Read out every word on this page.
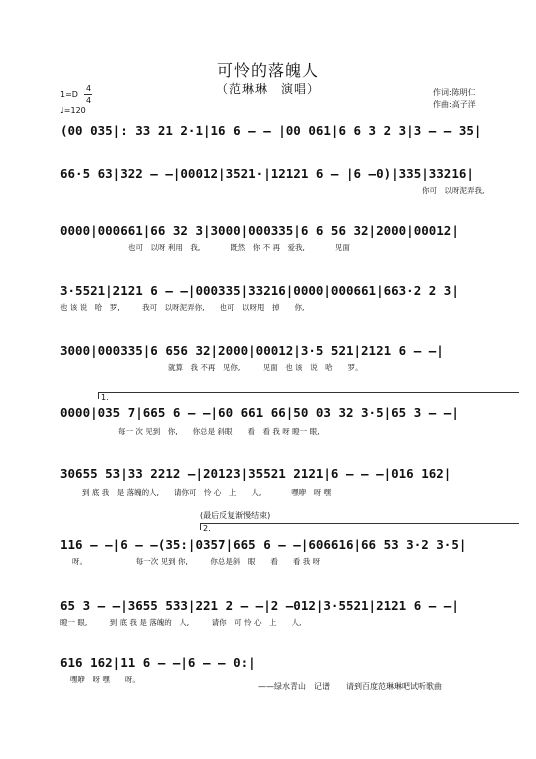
可怜的落魄人
（范琳琳　演唱）
1=D
4
4
♩=120
作词:陈明仁
作曲:高子洋
(00 035|: 33 21 2·1|16 6 — — |00 061|6 6 3 2 3|3 — — 35|
66·5 63|322 — —|00012|3521·|12121 6 — |6 —0)|335|33216|
你可　以呀泥弄我,
0000|000661|66 32 3|3000|000335|6 6 56 32|2000|00012|
也可　以呀 利用　我,　　　　既然　你 不 再　爱我,　　　　见面
3·5521|2121 6 — —|000335|33216|0000|000661|663·2 2 3|
也 该 说　哈　罗,　　　我可　以呀泥弄你,　　也可　以呀甩　掉　　你,
3000|000335|6 656 32|2000|00012|3·5 521|2121 6 — —|
就算　我 不再　见你,　　　见面　也 该　说　哈　　罗。
1.
0000|035 7|665 6 — —|60 661 66|50 03 32 3·5|65 3 — —|
每一 次 见到　你,　　你总是 斜眼　　看　看 我 呀 瞪一 眼,
30655 53|33 2212 —|20123|35521 2121|6 — — —|016 162|
到 底 我　是 落魄的人,　　请你可　怜 心　上　　人,　　　　嘿咿　呀 嘿
(最后反复渐慢结束)
2.
116 — —|6 — —(35:|0357|665 6 — —|606616|66 53 3·2 3·5|
呀。　　　　　　　每一次 见到 你,　　　你总是斜　眼　　看　　看 我 呀
65 3 — —|3655 533|221 2 — —|2 —012|3·5521|2121 6 — —|
瞪一 眼,　　　到 底 我 是 落魄的　人,　　　请你　可 怜 心　上　　人,
616 162|11 6 — —|6 — — 0:|
嘿咿　呀 嘿　　呀。
——绿水青山　记谱　　请到百度范琳琳吧试听歌曲
